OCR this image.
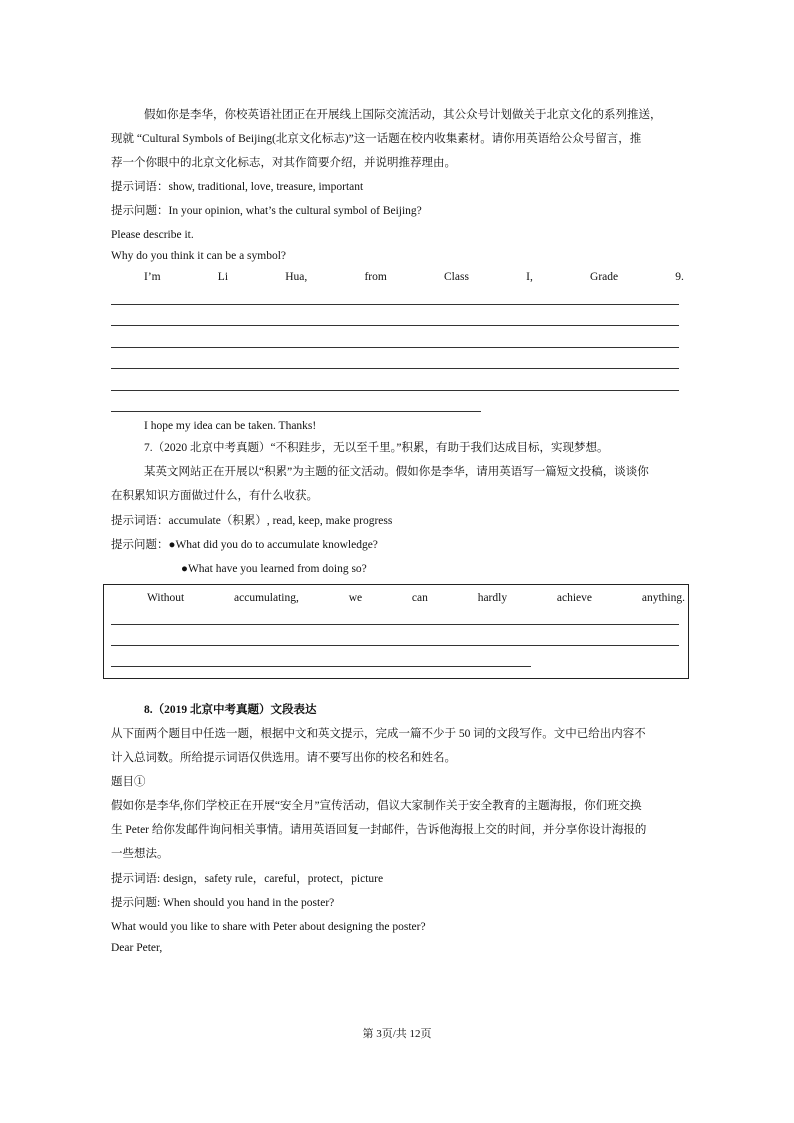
假如你是李华，你校英语社团正在开展线上国际交流活动，其公众号计划做关于北京文化的系列推送，
现就 “Cultural Symbols of Beijing(北京文化标志)”这一话题在校内收集素材。请你用英语给公众号留言，推
荐一个你眼中的北京文化标志，对其作简要介绍，并说明推荐理由。
提示词语：show, traditional, love, treasure, important
提示问题：In your opinion, what’s the cultural symbol of Beijing?
Please describe it.
Why do you think it can be a symbol?
I’m	Li	Hua,	from	Class	I,	Grade	9.
I hope my idea can be taken. Thanks!
7.（2020 北京中考真题）“不积跬步，无以至千里。”积累，有助于我们达成目标，实现梦想。
某英文网站正在开展以“积累”为主题的征文活动。假如你是李华，请用英语写一篇短文投稿，谈谈你
在积累知识方面做过什么，有什么收获。
提示词语：accumulate（积累）, read, keep, make progress
提示问题：●What did you do to accumulate knowledge?
●What have you learned from doing so?
Without	accumulating,	we	can	hardly	achieve	anything.
8.（2019 北京中考真题）文段表达
从下面两个题目中任选一题，根据中文和英文提示，完成一篇不少于 50 词的文段写作。文中已给出内容不
计入总词数。所给提示词语仅供选用。请不要写出你的校名和姓名。
题目①
假如你是李华,你们学校正在开展“安全月”宣传活动，倡议大家制作关于安全教育的主题海报，你们班交换
生 Peter 给你发邮件询问相关事情。请用英语回复一封邮件，告诉他海报上交的时间，并分享你设计海报的
一些想法。
提示词语: design，safety rule，careful，protect，picture
提示问题: When should you hand in the poster?
What would you like to share with Peter about designing the poster?
Dear Peter,
第 3页/共 12页
